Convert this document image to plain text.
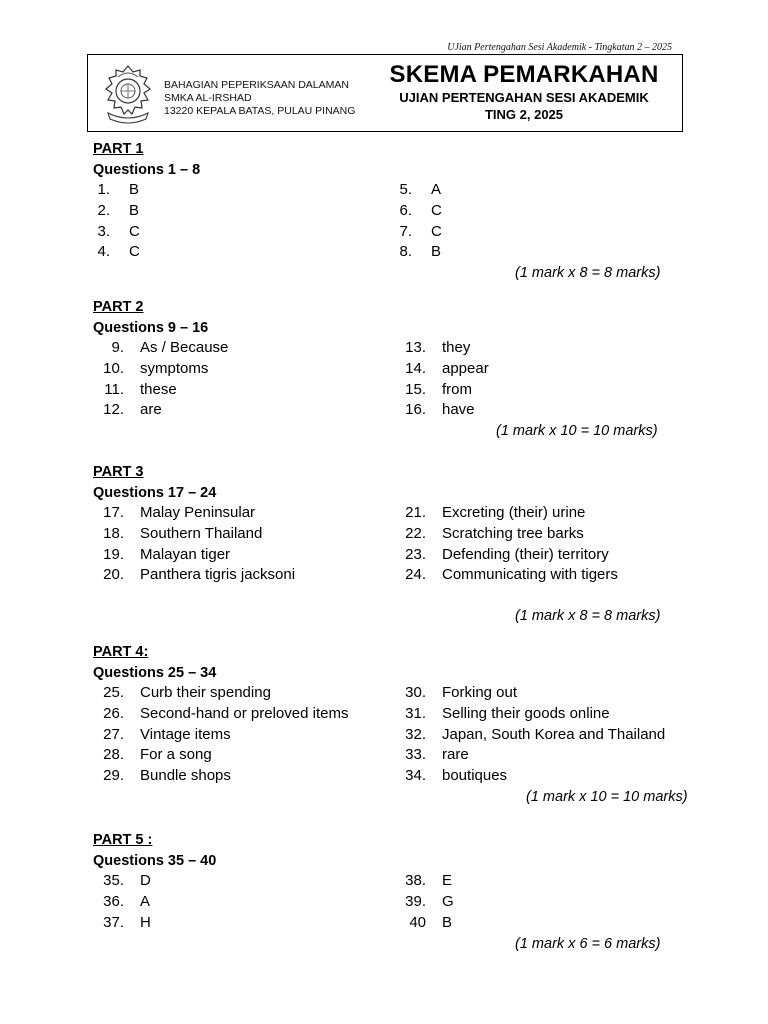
UJian Pertengahan Sesi Akademik - Tingkatan 2 – 2025
BAHAGIAN PEPERIKSAAN DALAMAN
SMKA AL-IRSHAD
13220 KEPALA BATAS, PULAU PINANG
SKEMA PEMARKAHAN
UJIAN PERTENGAHAN SESI AKADEMIK
TING 2, 2025
PART 1
Questions 1 – 8
1. B
2. B
3. C
4. C
5. A
6. C
7. C
8. B
(1 mark x 8 = 8 marks)
PART 2
Questions 9 – 16
9. As / Because
10. symptoms
11. these
12. are
13. they
14. appear
15. from
16. have
(1 mark x 10 = 10 marks)
PART 3
Questions 17 – 24
17. Malay Peninsular
18. Southern Thailand
19. Malayan tiger
20. Panthera tigris jacksoni
21. Excreting (their) urine
22. Scratching tree barks
23. Defending (their) territory
24. Communicating with tigers
(1 mark x 8 = 8 marks)
PART 4:
Questions 25 – 34
25. Curb their spending
26. Second-hand or preloved items
27. Vintage items
28. For a song
29. Bundle shops
30. Forking out
31. Selling their goods online
32. Japan, South Korea and Thailand
33. rare
34. boutiques
(1 mark x 10 = 10 marks)
PART 5 :
Questions 35 – 40
35. D
36. A
37. H
38. E
39. G
40 B
(1 mark x 6 = 6 marks)
